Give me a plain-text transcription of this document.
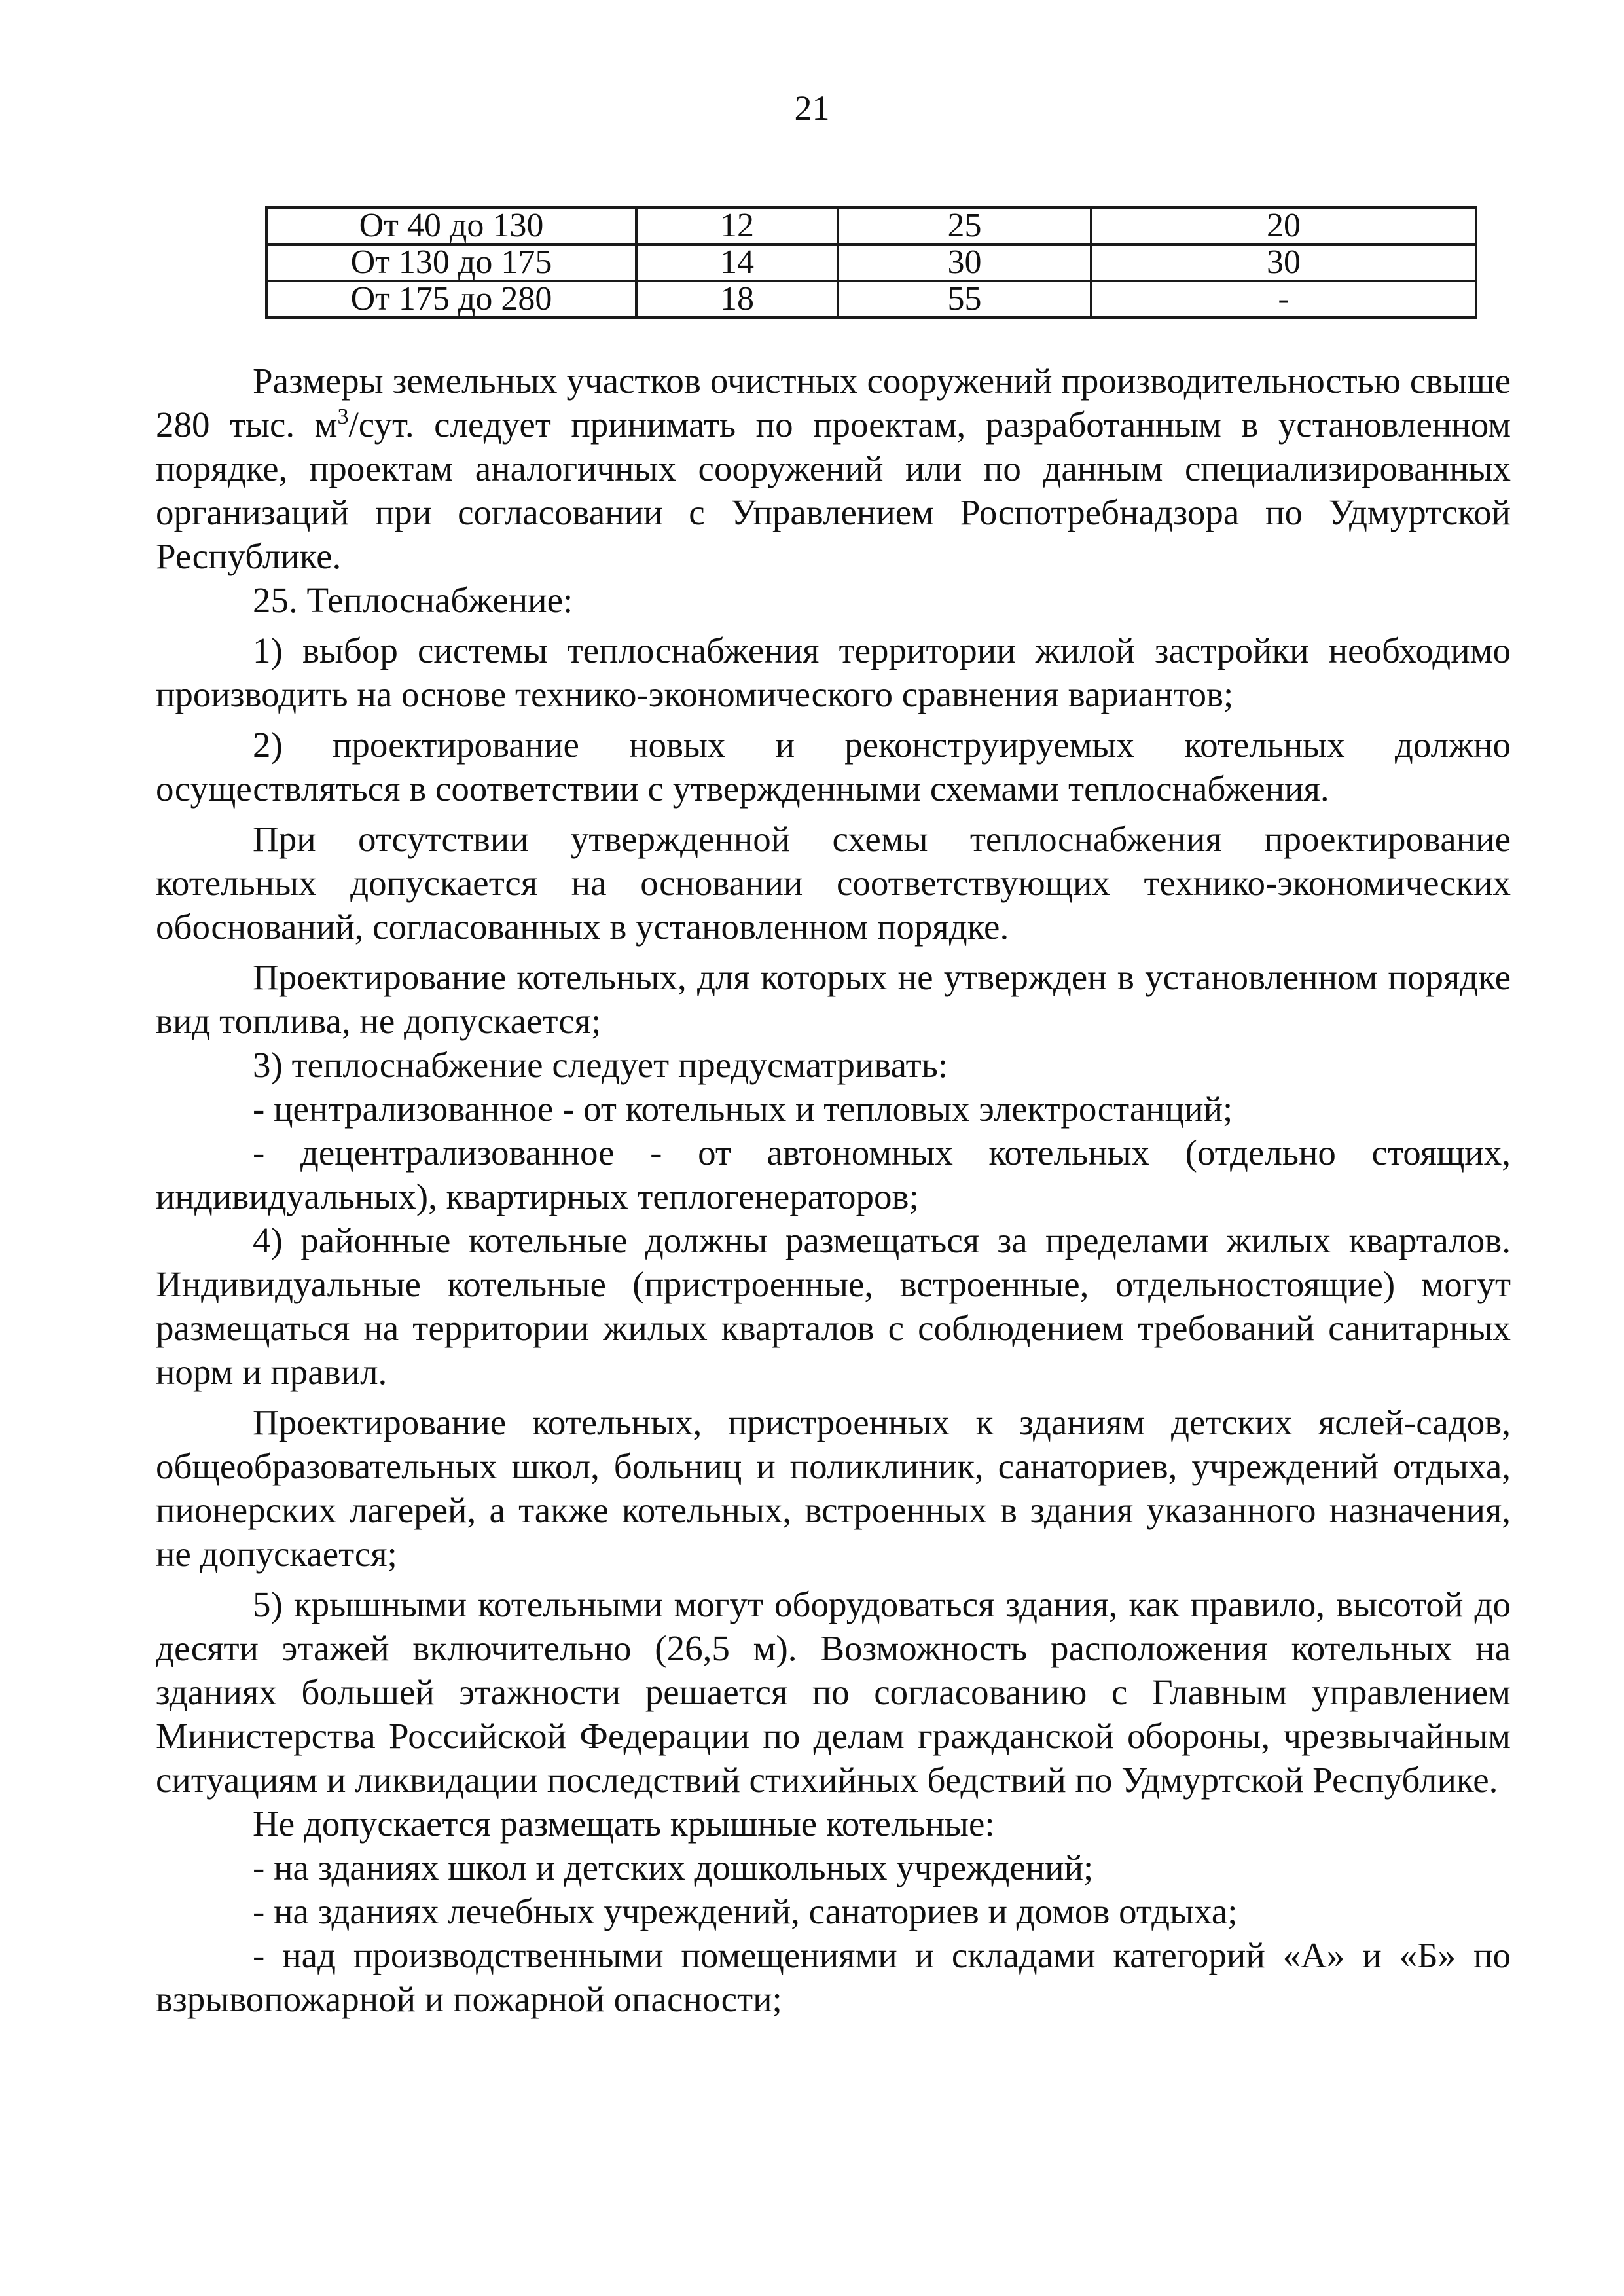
21
От 40 до 130	12	25	20
От 130 до 175	14	30	30
От 175 до 280	18	55	-

Размеры земельных участков очистных сооружений производительностью свыше 280 тыс. $м^3$/сут. следует принимать по проектам, разработанным в установленном порядке, проектам аналогичных сооружений или по данным специализированных организаций при согласовании с Управлением Роспотребнадзора по Удмуртской Республике.

25. Теплоснабжение:

1) выбор системы теплоснабжения территории жилой застройки необходимо производить на основе технико-экономического сравнения вариантов;

2) проектирование новых и реконструируемых котельных должно осуществляться в соответствии с утвержденными схемами теплоснабжения.

При отсутствии утвержденной схемы теплоснабжения проектирование котельных допускается на основании соответствующих технико-экономических обоснований, согласованных в установленном порядке.

Проектирование котельных, для которых не утвержден в установленном порядке вид топлива, не допускается;

3) теплоснабжение следует предусматривать:

- централизованное - от котельных и тепловых электростанций;

- децентрализованное - от автономных котельных (отдельно стоящих, индивидуальных), квартирных теплогенераторов;

4) районные котельные должны размещаться за пределами жилых кварталов. Индивидуальные котельные (пристроенные, встроенные, отдельностоящие) могут размещаться на территории жилых кварталов с соблюдением требований санитарных норм и правил.

Проектирование котельных, пристроенных к зданиям детских яслей-садов, общеобразовательных школ, больниц и поликлиник, санаториев, учреждений отдыха, пионерских лагерей, а также котельных, встроенных в здания указанного назначения, не допускается;

5) крышными котельными могут оборудоваться здания, как правило, высотой до десяти этажей включительно (26,5 м). Возможность расположения котельных на зданиях большей этажности решается по согласованию с Главным управлением Министерства Российской Федерации по делам гражданской обороны, чрезвычайным ситуациям и ликвидации последствий стихийных бедствий по Удмуртской Республике.

Не допускается размещать крышные котельные:

- на зданиях школ и детских дошкольных учреждений;

- на зданиях лечебных учреждений, санаториев и домов отдыха;

- над производственными помещениями и складами категорий «А» и «Б» по взрывопожарной и пожарной опасности;
